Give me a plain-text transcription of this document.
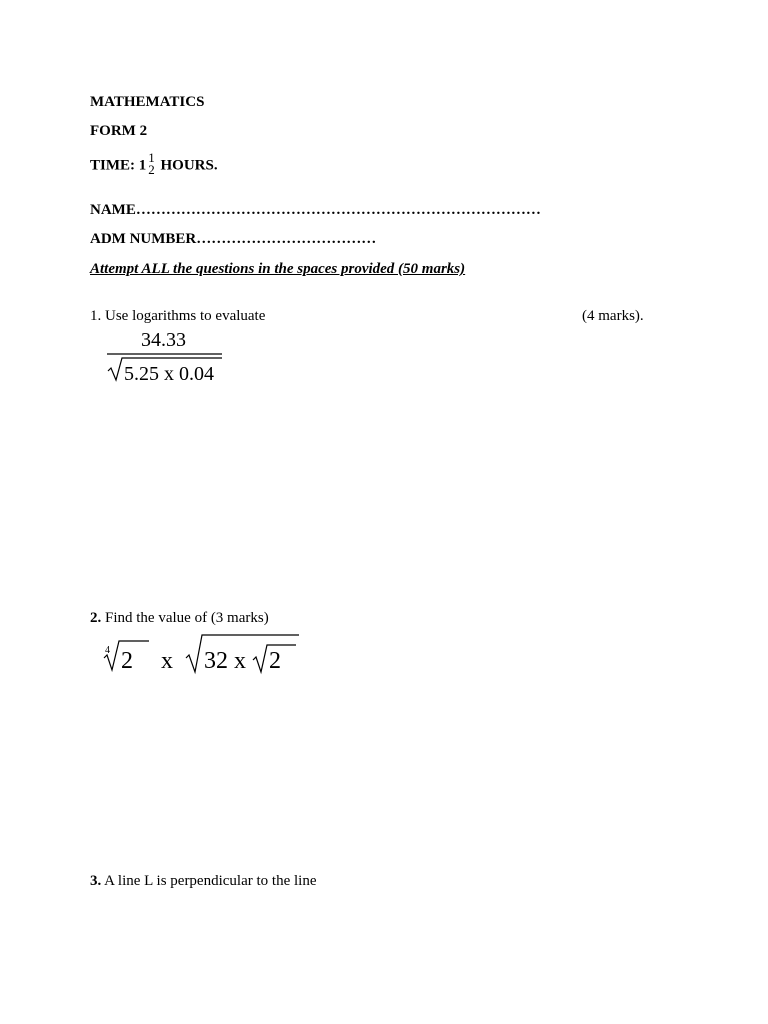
MATHEMATICS
FORM 2
TIME: 1 1
2 HOURS.
NAME………………………………………………………………………
ADM NUMBER………………………………
Attempt ALL the questions in the spaces provided (50 marks)
1. Use logarithms to evaluate	(4 marks).
34.33
5.25 x 0.04
2. Find the value of (3 marks)
4 2 x 32 x 2
3. A line L is perpendicular to the line
